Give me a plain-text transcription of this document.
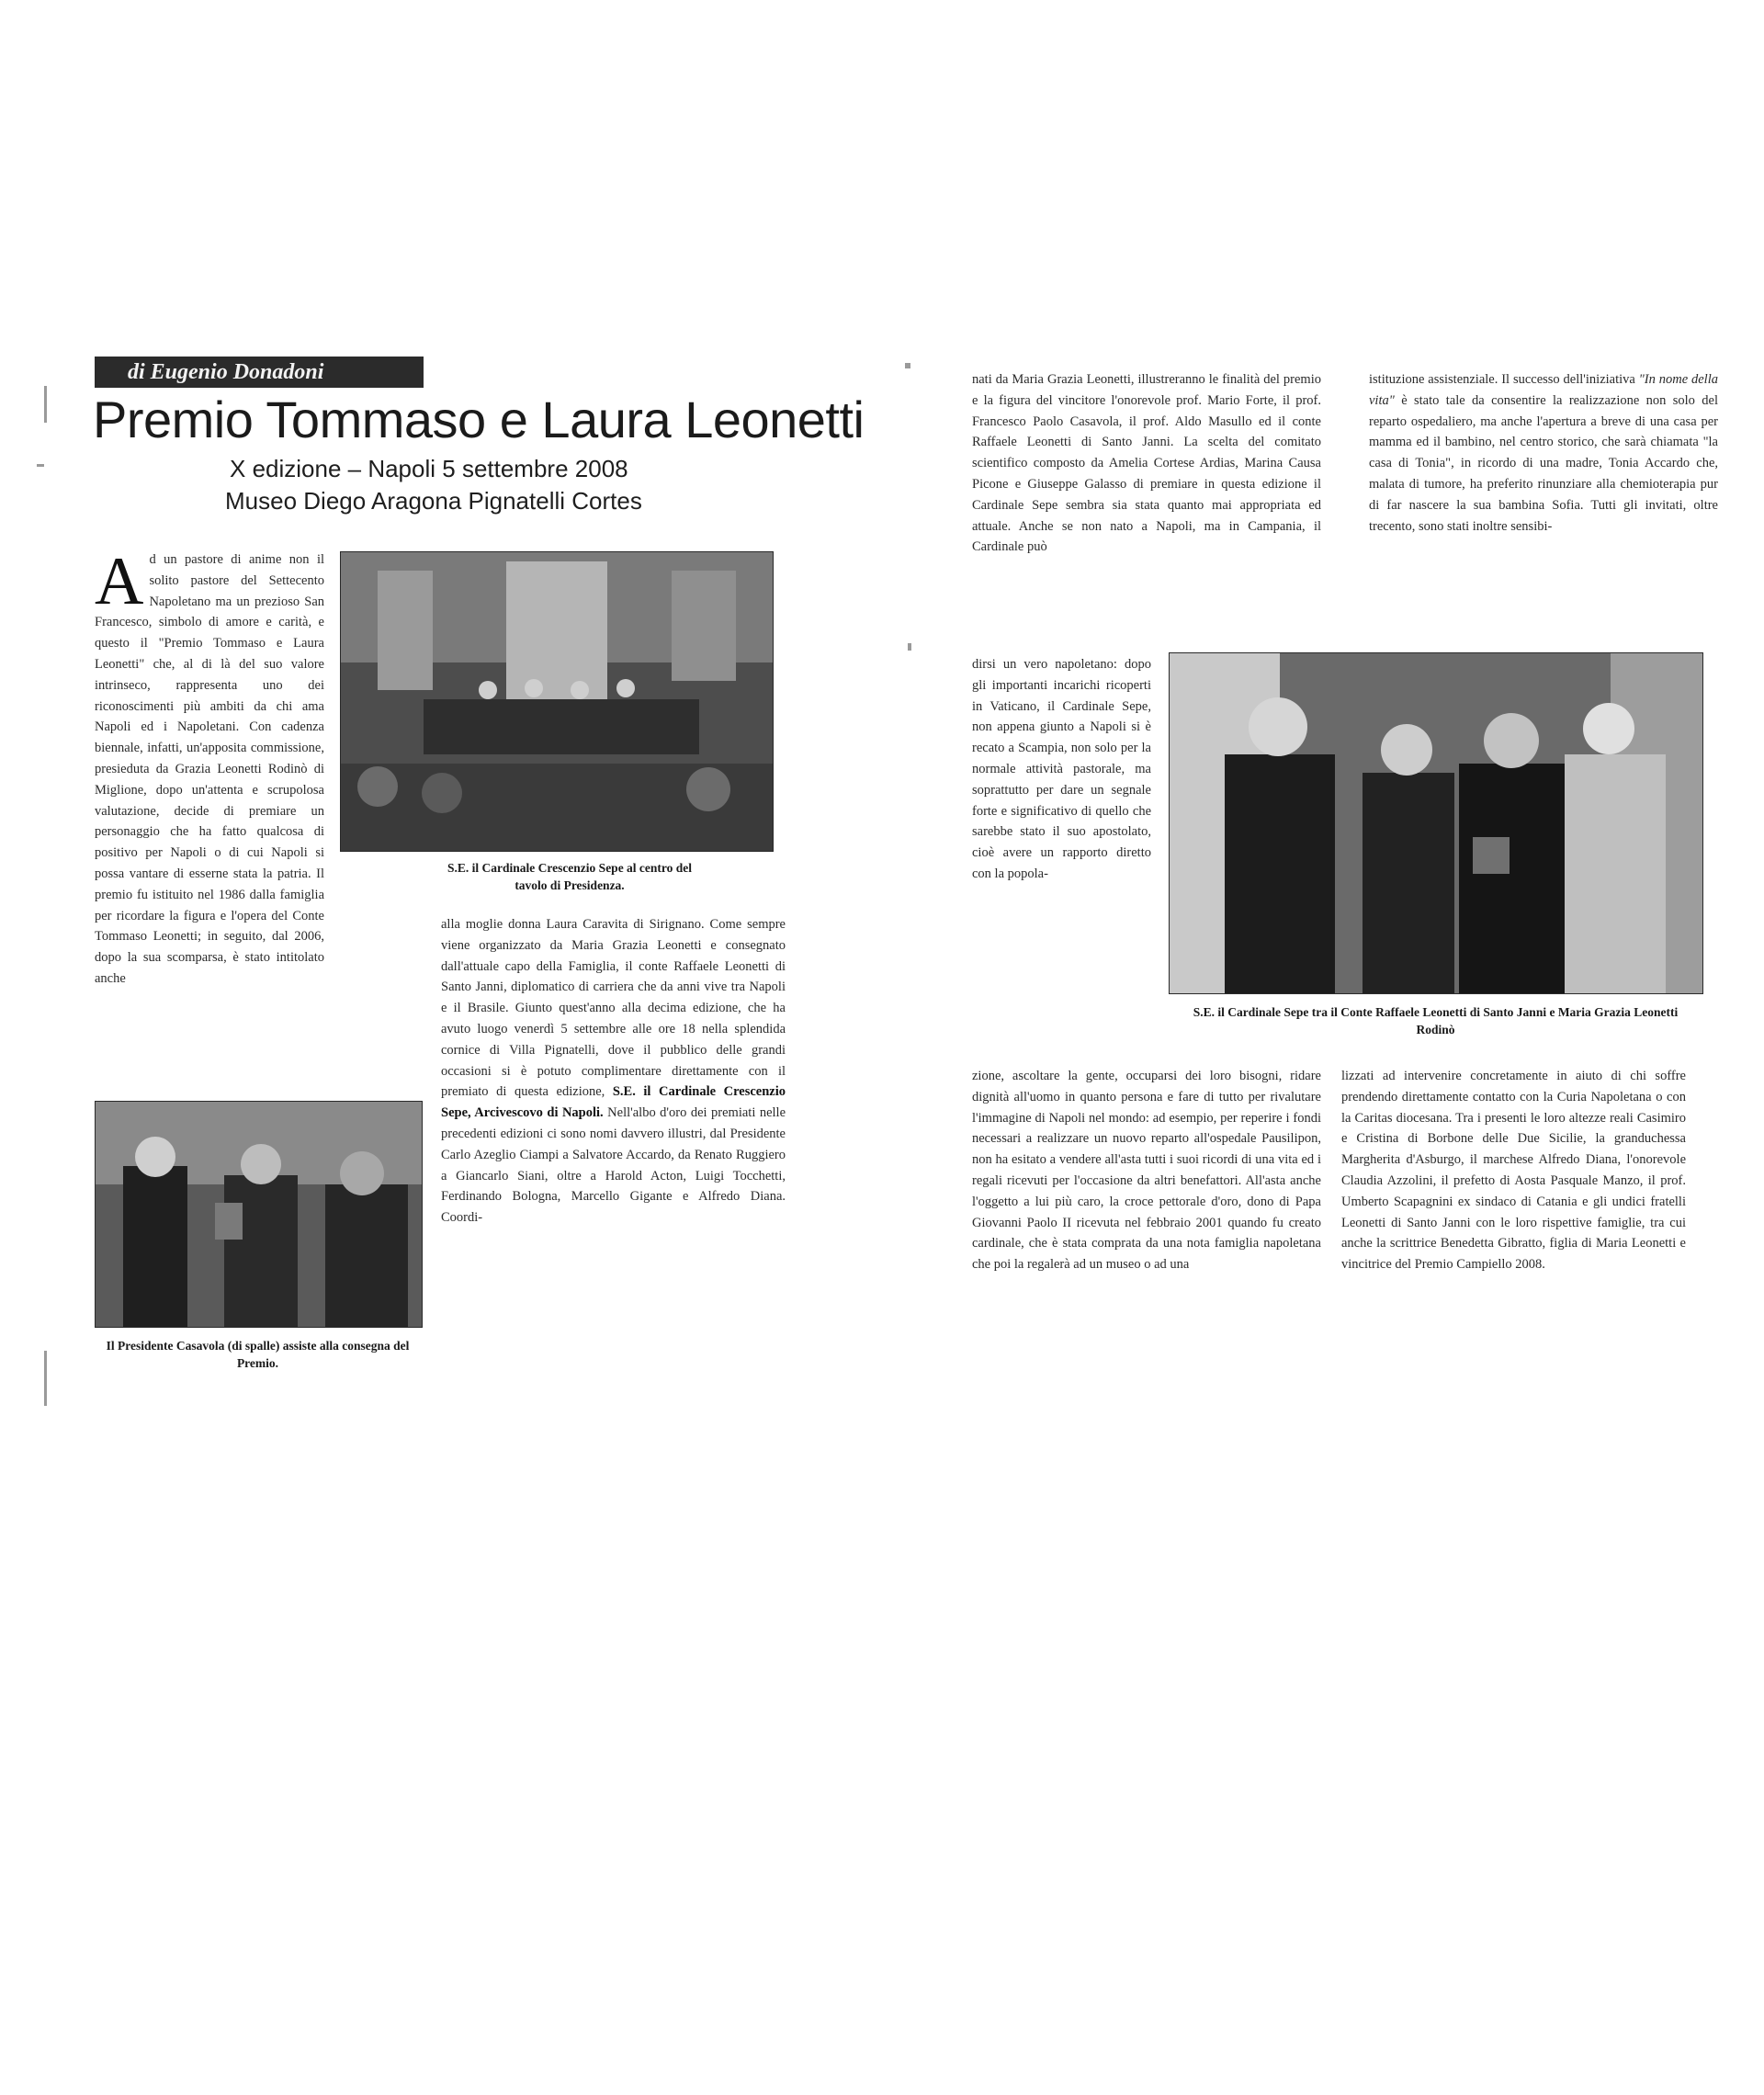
di Eugenio Donadoni
Premio Tommaso e Laura Leonetti
X edizione – Napoli 5 settembre 2008
Museo Diego Aragona Pignatelli Cortes
A d un pastore di anime non il solito pastore del Settecento Napoletano ma un prezioso San Francesco, simbolo di amore e carità, e questo il "Premio Tommaso e Laura Leonetti" che, al di là del suo valore intrinseco, rappresenta uno dei riconoscimenti più ambiti da chi ama Napoli ed i Napoletani. Con cadenza biennale, infatti, un'apposita commissione, presieduta da Grazia Leonetti Rodinò di Miglione, dopo un'attenta e scrupolosa valutazione, decide di premiare un personaggio che ha fatto qualcosa di positivo per Napoli o di cui Napoli si possa vantare di esserne stata la patria. Il premio fu istituito nel 1986 dalla famiglia per ricordare la figura e l'opera del Conte Tommaso Leonetti; in seguito, dal 2006, dopo la sua scomparsa, è stato intitolato anche
S.E. il Cardinale Crescenzio Sepe al centro del tavolo di Presidenza.

Il Presidente Casavola (di spalle) assiste alla consegna del Premio.
alla moglie donna Laura Caravita di Sirignano. Come sempre viene organizzato da Maria Grazia Leonetti e consegnato dall'attuale capo della Famiglia, il conte Raffaele Leonetti di Santo Janni, diplomatico di carriera che da anni vive tra Napoli e il Brasile. Giunto quest'anno alla decima edizione, che ha avuto luogo venerdì 5 settembre alle ore 18 nella splendida cornice di Villa Pignatelli, dove il pubblico delle grandi occasioni si è potuto complimentare direttamente con il premiato di questa edizione, S.E. il Cardinale Crescenzio Sepe, Arcivescovo di Napoli. Nell'albo d'oro dei premiati nelle precedenti edizioni ci sono nomi davvero illustri, dal Presidente Carlo Azeglio Ciampi a Salvatore Accardo, da Renato Ruggiero a Giancarlo Siani, oltre a Harold Acton, Luigi Tocchetti, Ferdinando Bologna, Marcello Gigante e Alfredo Diana. Coordi-
nati da Maria Grazia Leonetti, illustreranno le finalità del premio e la figura del vincitore l'onorevole prof. Mario Forte, il prof. Francesco Paolo Casavola, il prof. Aldo Masullo ed il conte Raffaele Leonetti di Santo Janni. La scelta del comitato scientifico composto da Amelia Cortese Ardias, Marina Causa Picone e Giuseppe Galasso di premiare in questa edizione il Cardinale Sepe sembra sia stata quanto mai appropriata ed attuale. Anche se non nato a Napoli, ma in Campania, il Cardinale può
dirsi un vero napoletano: dopo gli importanti incarichi ricoperti in Vaticano, il Cardinale Sepe, non appena giunto a Napoli si è recato a Scampia, non solo per la normale attività pastorale, ma soprattutto per dare un segnale forte e significativo di quello che sarebbe stato il suo apostolato, cioè avere un rapporto diretto con la popola-
istituzione assistenziale. Il successo dell'iniziativa "In nome della vita" è stato tale da consentire la realizzazione non solo del reparto ospedaliero, ma anche l'apertura a breve di una casa per mamma ed il bambino, nel centro storico, che sarà chiamata "la casa di Tonia", in ricordo di una madre, Tonia Accardo che, malata di tumore, ha preferito rinunziare alla chemioterapia pur di far nascere la sua bambina Sofia. Tutti gli invitati, oltre trecento, sono stati inoltre sensibi-
S.E. il Cardinale Sepe tra il Conte Raffaele Leonetti di Santo Janni e Maria Grazia Leonetti Rodinò
zione, ascoltare la gente, occuparsi dei loro bisogni, ridare dignità all'uomo in quanto persona e fare di tutto per rivalutare l'immagine di Napoli nel mondo: ad esempio, per reperire i fondi necessari a realizzare un nuovo reparto all'ospedale Pausilipon, non ha esitato a vendere all'asta tutti i suoi ricordi di una vita ed i regali ricevuti per l'occasione da altri benefattori. All'asta anche l'oggetto a lui più caro, la croce pettorale d'oro, dono di Papa Giovanni Paolo II ricevuta nel febbraio 2001 quando fu creato cardinale, che è stata comprata da una nota famiglia napoletana che poi la regalerà ad un museo o ad una
lizzati ad intervenire concretamente in aiuto di chi soffre prendendo direttamente contatto con la Curia Napoletana o con la Caritas diocesana. Tra i presenti le loro altezze reali Casimiro e Cristina di Borbone delle Due Sicilie, la granduchessa Margherita d'Asburgo, il marchese Alfredo Diana, l'onorevole Claudia Azzolini, il prefetto di Aosta Pasquale Manzo, il prof. Umberto Scapagnini ex sindaco di Catania e gli undici fratelli Leonetti di Santo Janni con le loro rispettive famiglie, tra cui anche la scrittrice Benedetta Gibratto, figlia di Maria Leonetti e vincitrice del Premio Campiello 2008.
